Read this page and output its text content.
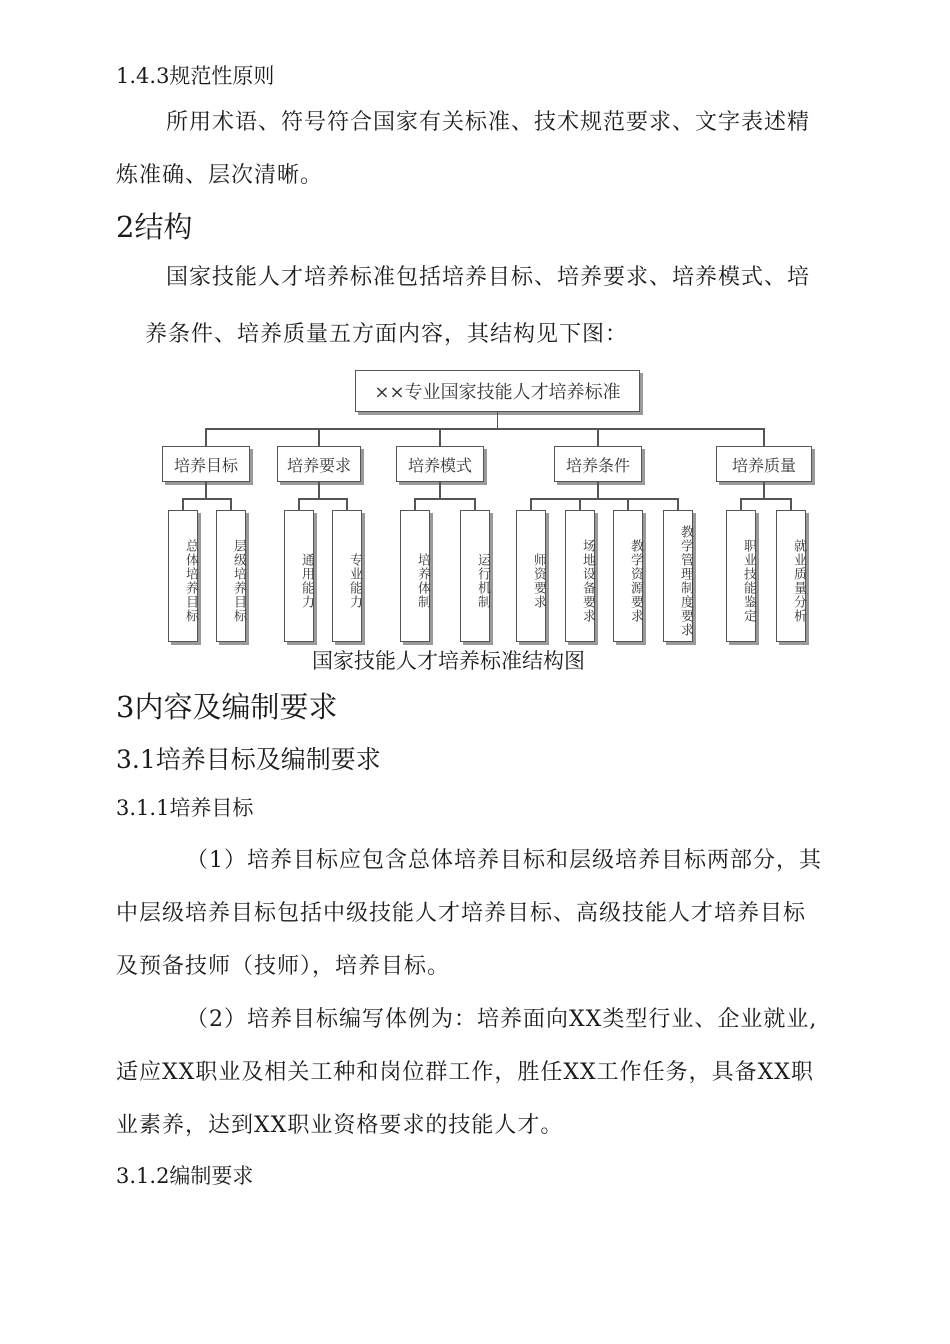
1.4.3规范性原则

所用术语、符号符合国家有关标准、技术规范要求、文字表述精

炼准确、层次清晰。

2结构

国家技能人才培养标准包括培养目标、培养要求、培养模式、培

养条件、培养质量五方面内容，其结构见下图：

××专业国家技能人才培养标准
培养目标
总体培养目标	层级培养目标
培养要求
通用能力	专业能力
培养模式
培养体制	运行机制
培养条件
师资要求	场地设备要求	教学资源要求	教学管理制度要求
培养质量
职业技能鉴定	就业质量分析

国家技能人才培养标准结构图

3内容及编制要求

3.1培养目标及编制要求

3.1.1培养目标

（1）培养目标应包含总体培养目标和层级培养目标两部分，其

中层级培养目标包括中级技能人才培养目标、高级技能人才培养目标

及预备技师（技师），培养目标。

（2）培养目标编写体例为：培养面向XX类型行业、企业就业,

适应XX职业及相关工种和岗位群工作，胜任XX工作任务，具备XX职

业素养，达到XX职业资格要求的技能人才。

3.1.2编制要求
